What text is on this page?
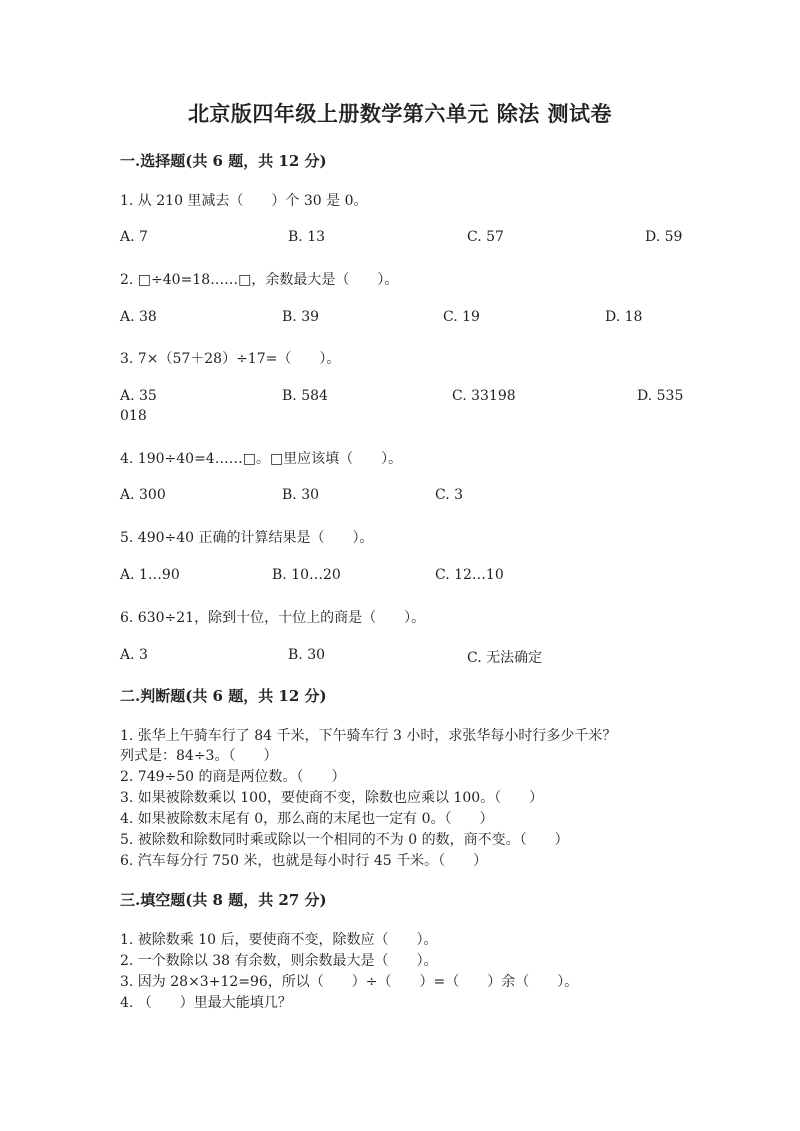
北京版四年级上册数学第六单元 除法 测试卷
一.选择题(共 6 题，共 12 分)
1. 从 210 里减去（　　）个 30 是 0。
A. 7	B. 13	C. 57	D. 59
2. □÷40=18……□，余数最大是（　　）。
A. 38	B. 39	C. 19	D. 18
3. 7×（57＋28）÷17=（　　）。
A. 35	B. 584	C. 33198	D. 535
018
4. 190÷40=4……□。□里应该填（　　）。
A. 300	B. 30	C. 3
5. 490÷40 正确的计算结果是（　　）。
A. 1…90	B. 10…20	C. 12…10
6. 630÷21，除到十位，十位上的商是（　　）。
A. 3	B. 30	C. 无法确定
二.判断题(共 6 题，共 12 分)
1. 张华上午骑车行了 84 千米，下午骑车行 3 小时，求张华每小时行多少千米？
列式是：84÷3。（　　）
2. 749÷50 的商是两位数。（　　）
3. 如果被除数乘以 100，要使商不变，除数也应乘以 100。（　　）
4. 如果被除数末尾有 0，那么商的末尾也一定有 0。（　　）
5. 被除数和除数同时乘或除以一个相同的不为 0 的数，商不变。（　　）
6. 汽车每分行 750 米，也就是每小时行 45 千米。（　　）
三.填空题(共 8 题，共 27 分)
1. 被除数乘 10 后，要使商不变，除数应（　　）。
2. 一个数除以 38 有余数，则余数最大是（　　）。
3. 因为 28×3+12=96，所以（　　）÷（　　）=（　　）余（　　）。
4. （　　）里最大能填几？
